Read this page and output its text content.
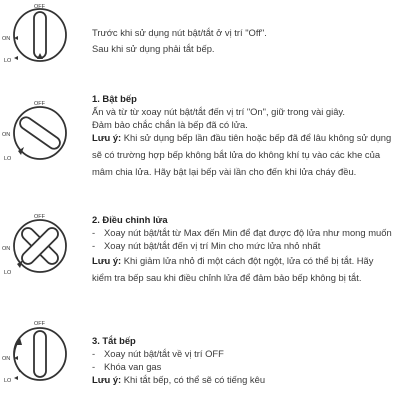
OFF
ON
LO

Trước khi sử dụng nút bật/tắt ở vị trí "Off".

Sau khi sử dụng phải tắt bếp.

OFF
ON
LO

1. Bật bếp

Ấn và từ từ xoay nút bật/tắt đến vị trí "On", giữ trong vài giây.

Đảm bảo chắc chắn là bếp đã có lửa.

Lưu ý: Khi sử dụng bếp lần đầu tiên hoặc bếp đã để lâu không sử dụng

sẽ có trường hợp bếp không bắt lửa do không khí tụ vào các khe của

mâm chia lửa. Hãy bật lại bếp vài lần cho đến khi lửa cháy đều.

OFF
ON
LO

2. Điều chỉnh lửa

- Xoay nút bật/tắt từ Max đến Min để đạt được độ lửa như mong muốn

- Xoay nút bật/tắt đến vị trí Min cho mức lửa nhỏ nhất

Lưu ý: Khi giảm lửa nhỏ đi một cách đột ngột, lửa có thể bị tắt. Hãy

kiểm tra bếp sau khi điều chỉnh lửa để đảm bảo bếp không bị tắt.

OFF
ON
LO

3. Tắt bếp

- Xoay nút bật/tắt về vị trí OFF

- Khóa van gas

Lưu ý: Khi tắt bếp, có thể sẽ có tiếng kêu
